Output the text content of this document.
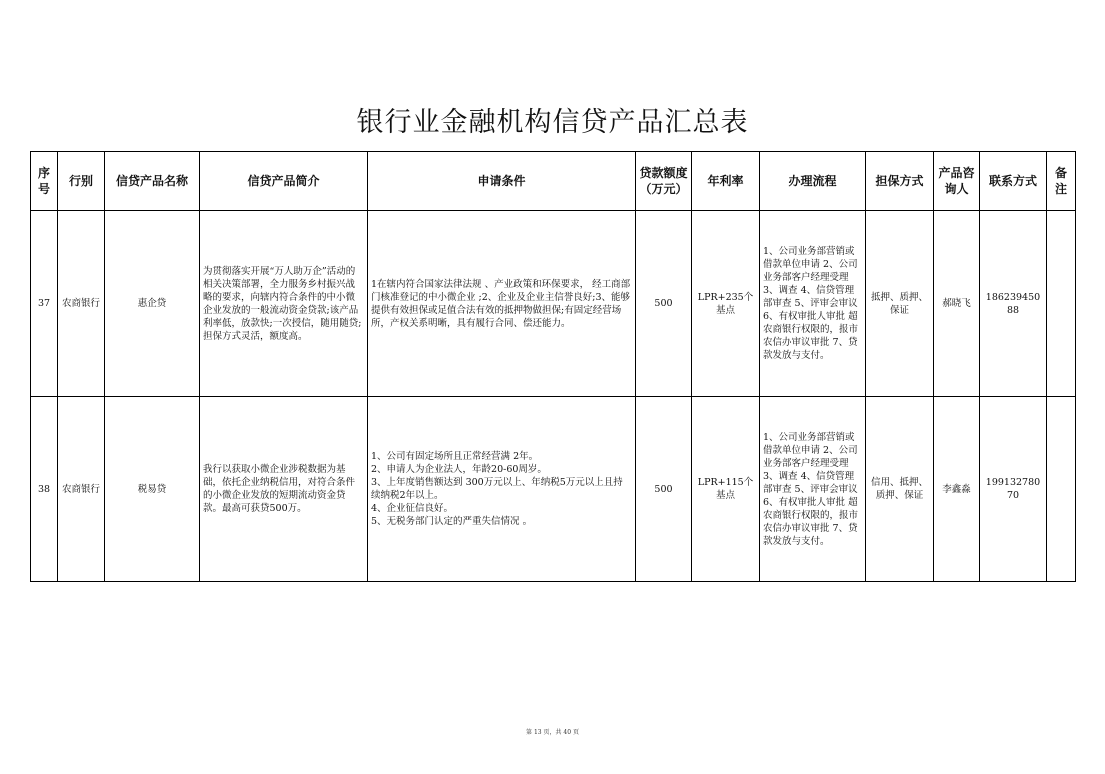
银行业金融机构信贷产品汇总表
序号	行别	信贷产品名称	信贷产品简介	申请条件	贷款额度（万元）	年利率	办理流程	担保方式	产品咨询人	联系方式	备注
37	农商银行	惠企贷	为贯彻落实开展“万人助万企”活动的相关决策部署，全力服务乡村振兴战略的要求，向辖内符合条件的中小微企业发放的一般流动资金贷款;该产品利率低，放款快;一次授信，随用随贷;担保方式灵活，额度高。	1在辖内符合国家法律法规 、产业政策和环保要求， 经工商部门核准登记的中小微企业 ;2、企业及企业主信誉良好;3、能够提供有效担保或足值合法有效的抵押物做担保;有固定经营场所，产权关系明晰，具有履行合同、偿还能力。	500	LPR+235个基点	1、公司业务部营销或借款单位申请 2、公司业务部客户经理受理 3、调查 4、信贷管理部审查 5、评审会审议 6、有权审批人审批 超农商银行权限的，报市农信办审议审批 7、贷款发放与支付。	抵押、质押、保证	郝晓飞	18623945088	
38	农商银行	税易贷	我行以获取小微企业涉税数据为基础，依托企业纳税信用，对符合条件的小微企业发放的短期流动资金贷款。最高可获贷500万。	1、公司有固定场所且正常经营满 2年。
2、申请人为企业法人，年龄20-60周岁。
3、上年度销售额达到 300万元以上、年纳税5万元以上且持续纳税2年以上。
4、企业征信良好。
5、无税务部门认定的严重失信情况 。	500	LPR+115个基点	1、公司业务部营销或借款单位申请 2、公司业务部客户经理受理 3、调查 4、信贷管理部审查 5、评审会审议 6、有权审批人审批 超农商银行权限的，报市农信办审议审批 7、贷款发放与支付。	信用、抵押、质押、保证	李鑫淼	19913278070	
第 13 页，共 40 页
